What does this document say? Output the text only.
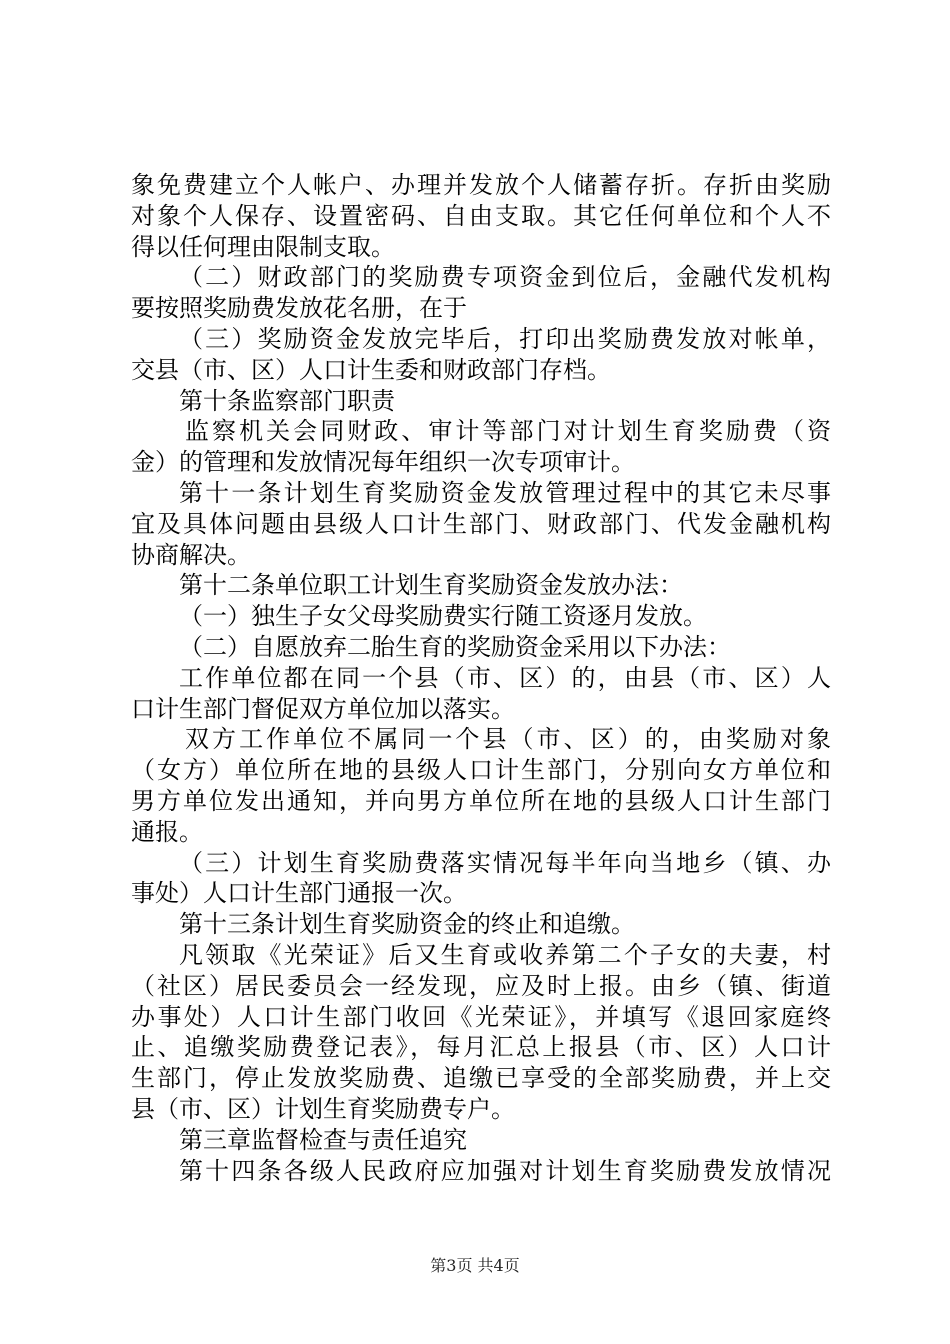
象免费建立个人帐户、办理并发放个人储蓄存折。存折由奖励
对象个人保存、设置密码、自由支取。其它任何单位和个人不
得以任何理由限制支取。
（二）财政部门的奖励费专项资金到位后，金融代发机构
要按照奖励费发放花名册，在于
（三）奖励资金发放完毕后，打印出奖励费发放对帐单，
交县（市、区）人口计生委和财政部门存档。
第十条监察部门职责
监察机关会同财政、审计等部门对计划生育奖励费（资
金）的管理和发放情况每年组织一次专项审计。
第十一条计划生育奖励资金发放管理过程中的其它未尽事
宜及具体问题由县级人口计生部门、财政部门、代发金融机构
协商解决。
第十二条单位职工计划生育奖励资金发放办法：
（一）独生子女父母奖励费实行随工资逐月发放。
（二）自愿放弃二胎生育的奖励资金采用以下办法：
工作单位都在同一个县（市、区）的，由县（市、区）人
口计生部门督促双方单位加以落实。
双方工作单位不属同一个县（市、区）的，由奖励对象
（女方）单位所在地的县级人口计生部门，分别向女方单位和
男方单位发出通知，并向男方单位所在地的县级人口计生部门
通报。
（三）计划生育奖励费落实情况每半年向当地乡（镇、办
事处）人口计生部门通报一次。
第十三条计划生育奖励资金的终止和追缴。
凡领取《光荣证》后又生育或收养第二个子女的夫妻，村
（社区）居民委员会一经发现，应及时上报。由乡（镇、街道
办事处）人口计生部门收回《光荣证》，并填写《退回家庭终
止、追缴奖励费登记表》，每月汇总上报县（市、区）人口计
生部门，停止发放奖励费、追缴已享受的全部奖励费，并上交
县（市、区）计划生育奖励费专户。
第三章监督检查与责任追究
第十四条各级人民政府应加强对计划生育奖励费发放情况
第3页 共4页
